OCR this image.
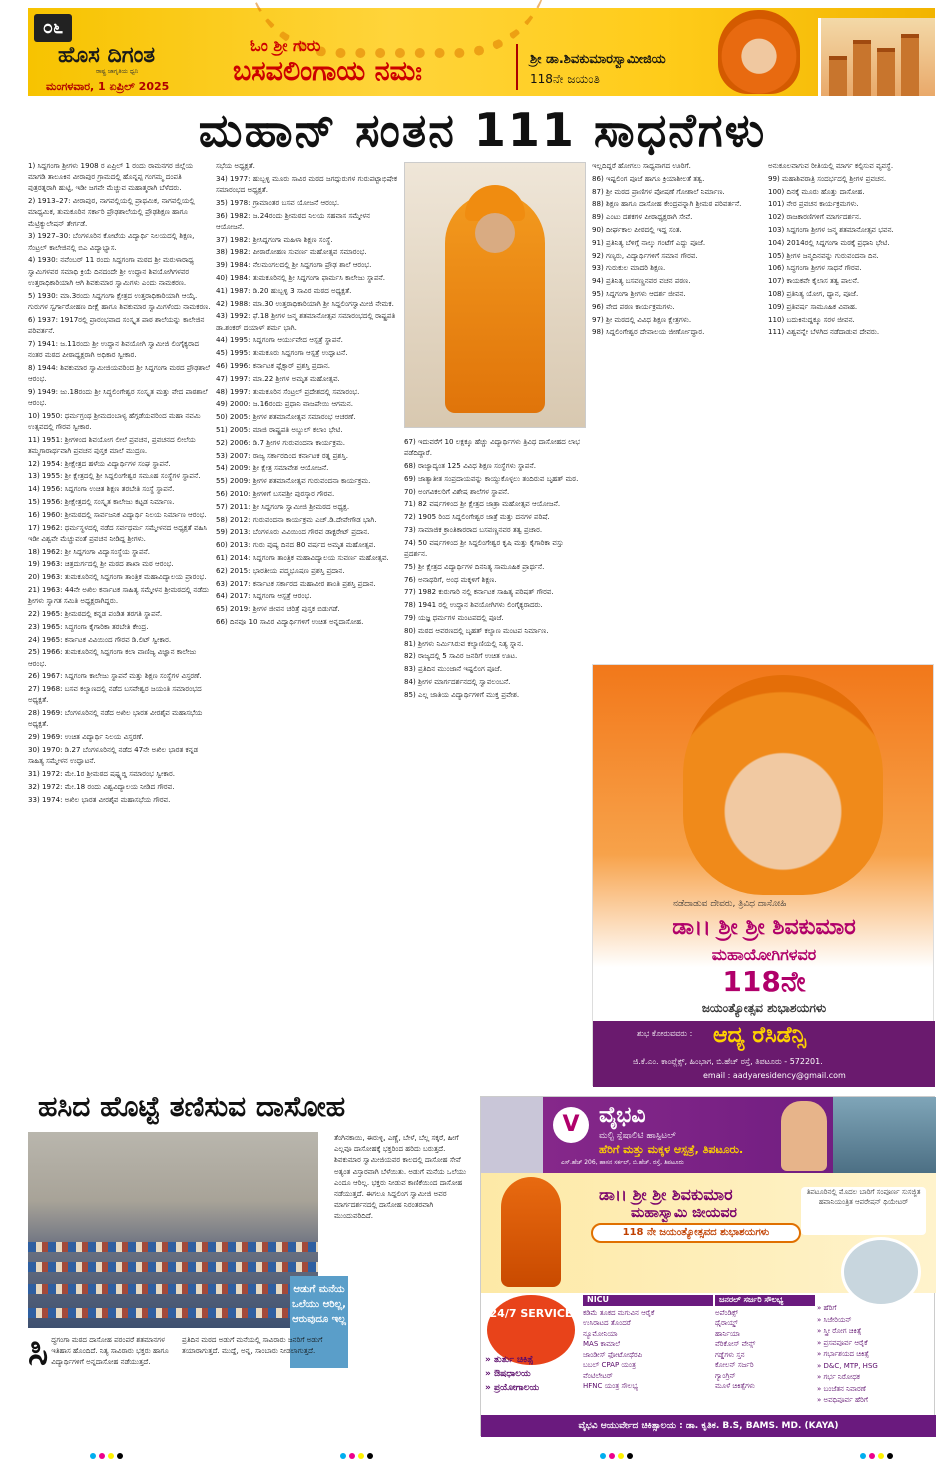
೦೬
ಹೊಸ ದಿಗಂತ
ರಾಷ್ಟ್ರ ಜಾಗೃತಿಯ ಧ್ವನಿ
ಮಂಗಳವಾರ, 1 ಏಪ್ರಿಲ್ 2025
ಓಂ ಶ್ರೀ ಗುರು
ಬಸವಲಿಂಗಾಯ ನಮಃ	ಶ್ರೀ ಡಾ.ಶಿವಕುಮಾರಸ್ವಾಮೀಜಿಯ
118ನೇ ಜಯಂತಿ
ಮಹಾನ್ ಸಂತನ 111 ಸಾಧನೆಗಳು

1) ಸಿದ್ದಗಂಗಾ ಶ್ರೀಗಳು 1908 ರ ಏಪ್ರಿಲ್ 1 ರಂದು ರಾಮನಗರ ಜಿಲ್ಲೆಯ ಮಾಗಡಿ ತಾಲೂಕಿನ ವೀರಾಪುರ ಗ್ರಾಮದಲ್ಲಿ ಹೊನ್ನಪ್ಪ ಗಂಗಮ್ಮ ದಂಪತಿ ಪುತ್ರರತ್ನರಾಗಿ ಹುಟ್ಟಿ, ಇಡೀ ಜಗವೇ ಮೆಚ್ಚುವ ಮಹಾತ್ಮರಾಗಿ ಬೆಳೆದರು.

2) 1913–27: ವೀರಾಪುರ, ನಾಗವಲ್ಲಿಯಲ್ಲಿ ಪ್ರಾಥಮಿಕ, ನಾಗವಲ್ಲಿಯಲ್ಲಿ ಮಾಧ್ಯಮಿಕ, ತುಮಕೂರಿನ ಸರ್ಕಾರಿ ಪ್ರೌಢಶಾಲೆಯಲ್ಲಿ ಪ್ರೌಢಶಿಕ್ಷಣ ಹಾಗೂ ಮೆಟ್ರಿಕ್ಯುಲೇಷನ್ ತೇರ್ಗಡೆ.

3) 1927–30: ಬೆಂಗಳೂರಿನ ಕೋಟೆಯ ವಿದ್ಯಾರ್ಥಿ ನಿಲಯದಲ್ಲಿ ಶಿಕ್ಷಣ, ಸೆಂಟ್ರಲ್ ಕಾಲೇಜಿನಲ್ಲಿ ಬಿಎ ವಿದ್ಯಾಭ್ಯಾಸ.

4) 1930: ನವೆಂಬರ್ 11 ರಂದು ಸಿದ್ದಗಂಗಾ ಮಠದ ಶ್ರೀ ಮರುಳಾರಾಧ್ಯ ಸ್ವಾಮಿಗಳವರ ಸಮಾಧಿ ಕ್ರಿಯೆ ದಿನದಂದೇ ಶ್ರೀ ಉದ್ದಾನ ಶಿವಯೋಗಿಗಳವರ ಉತ್ತರಾಧಿಕಾರಿಯಾಗಿ ಆಗಿ ಶಿವಕುಮಾರ ಸ್ವಾಮಿಗಳು ಎಂದು ನಾಮಕರಣ.

5) 1930: ಮಾ.3ರಂದು ಸಿದ್ದಗಂಗಾ ಕ್ಷೇತ್ರದ ಉತ್ತರಾಧಿಕಾರಿಯಾಗಿ ಆಯ್ಕೆ. ಗುರುಗಳ ಸ್ವರ್ಗಾರೋಹಣ ದೀಕ್ಷೆ ಹಾಗೂ ಶಿವಕುಮಾರ ಸ್ವಾಮಿಗಳೆಂದು ನಾಮಕರಣ.

6) 1937: 1917ರಲ್ಲಿ ಪ್ರಾರಂಭವಾದ ಸಂಸ್ಕೃತ ಪಾಠ ಶಾಲೆಯನ್ನು ಕಾಲೇಜಿನ ಪರಿವರ್ತನೆ.

7) 1941: ಜ.11ರಂದು ಶ್ರೀ ಉದ್ದಾನ ಶಿವಯೋಗಿ ಸ್ವಾಮೀಜಿ ಲಿಂಗೈಕ್ಯರಾದ ನಂತರ ಮಠದ ಪೀಠಾಧ್ಯಕ್ಷರಾಗಿ ಅಧಿಕಾರ ಸ್ವೀಕಾರ.

8) 1944: ಶಿವಕುಮಾರ ಸ್ವಾಮೀಜಿಯವರಿಂದ ಶ್ರೀ ಸಿದ್ದಗಂಗಾ ಮಠದ ಪ್ರೌಢಶಾಲೆ ಆರಂಭ.

9) 1949: ಜು.18ರಂದು ಶ್ರೀ ಸಿದ್ಧಲಿಂಗೇಶ್ವರ ಸಂಸ್ಕೃತ ಮತ್ತು ವೇದ ಪಾಠಶಾಲೆ ಆರಂಭ.

10) 1950: ಧರ್ಮಗ್ರಂಥ ಶ್ರೀಮದಂಬಾಳ್ಯ ಹೆಗ್ಗಡೆಯವರಿಂದ ಮಹಾ ನವಮಿ ಉತ್ಸವದಲ್ಲಿ ಗೌರವ ಸ್ವೀಕಾರ.

11) 1951: ಶ್ರೀಗಳಿಂದ ಶಿವಯೋಗ ಲೀಲೆ ಪ್ರವಚನ, ಪ್ರವಚನದ ಲೀಲೆಯ ತಮ್ಮಗಾರಾರ್ಥವಾಗಿ ಪ್ರವಚನ ಪುಸ್ತಕ ಮಾಲೆ ಮುದ್ರಣ.

12) 1954: ಶ್ರೀಕ್ಷೇತ್ರದ ಹಳೆಯ ವಿದ್ಯಾರ್ಥಿಗಳ ಸಂಘ ಸ್ಥಾಪನೆ.

13) 1955: ಶ್ರೀ ಕ್ಷೇತ್ರದಲ್ಲಿ ಶ್ರೀ ಸಿದ್ದಲಿಂಗೇಶ್ವರ ಸಮೂಹ ಸಂಸ್ಥೆಗಳ ಸ್ಥಾಪನೆ.

14) 1956: ಸಿದ್ದಗಂಗಾ ಉಚಿತ ಶಿಕ್ಷಣ ತರಬೇತಿ ಸಂಸ್ಥೆ ಸ್ಥಾಪನೆ.

15) 1956: ಶ್ರೀಕ್ಷೇತ್ರದಲ್ಲಿ ಸಂಸ್ಕೃತ ಕಾಲೇಜು ಕಟ್ಟಡ ನಿರ್ಮಾಣ.

16) 1960: ಶ್ರೀಮಠದಲ್ಲಿ ಸಾರ್ವಜನಿಕ ವಿದ್ಯಾರ್ಥಿ ನಿಲಯ ನಿರ್ಮಾಣ ಆರಂಭ.

17) 1962: ಧರ್ಮಸ್ಥಳದಲ್ಲಿ ನಡೆದ ಸರ್ವಧರ್ಮ ಸಮ್ಮೇಳನದ ಅಧ್ಯಕ್ಷತೆ ವಹಿಸಿ ಇಡೀ ವಿಶ್ವವೇ ಮೆಚ್ಚುವಂತೆ ಪ್ರವಚನ ನೀಡಿದ್ದ ಶ್ರೀಗಳು.

18) 1962: ಶ್ರೀ ಸಿದ್ದಗಂಗಾ ವಿದ್ಯಾಸಂಸ್ಥೆಯ ಸ್ಥಾಪನೆ.

19) 1963: ಚಿತ್ರದುರ್ಗದಲ್ಲಿ ಶ್ರೀ ಮಠದ ಶಾಖಾ ಮಠ ಆರಂಭ.

20) 1963: ತುಮಕೂರಿನಲ್ಲಿ ಸಿದ್ದಗಂಗಾ ತಾಂತ್ರಿಕ ಮಹಾವಿದ್ಯಾಲಯ ಪ್ರಾರಂಭ.

21) 1963: 44ನೇ ಅಖಿಲ ಕರ್ನಾಟಕ ಸಾಹಿತ್ಯ ಸಮ್ಮೇಳನ ಶ್ರೀಮಠದಲ್ಲಿ ನಡೆದು ಶ್ರೀಗಳು ಸ್ವಾಗತ ಸಮಿತಿ ಅಧ್ಯಕ್ಷರಾಗಿದ್ದರು.

22) 1965: ಶ್ರೀಮಠದಲ್ಲಿ ಕನ್ನಡ ಪಂಡಿತ ತರಗತಿ ಸ್ಥಾಪನೆ.

23) 1965: ಸಿದ್ಧಗಂಗಾ ಕೈಗಾರಿಕಾ ತರಬೇತಿ ಕೇಂದ್ರ.

24) 1965: ಕರ್ನಾಟಕ ವಿವಿಯಿಂದ ಗೌರವ ಡಿ.ಲಿಟ್ ಸ್ವೀಕಾರ.

25) 1966: ತುಮಕೂರಿನಲ್ಲಿ ಸಿದ್ದಗಂಗಾ ಕಲಾ ವಾಣಿಜ್ಯ ವಿಜ್ಞಾನ ಕಾಲೇಜು ಆರಂಭ.

26) 1967: ಸಿದ್ದಗಂಗಾ ಕಾಲೇಜು ಸ್ಥಾಪನೆ ಮತ್ತು ಶಿಕ್ಷಣ ಸಂಸ್ಥೆಗಳ ವಿಸ್ತರಣೆ.

27) 1968: ಬಸವ ಕಲ್ಯಾಣದಲ್ಲಿ ನಡೆದ ಬಸವೇಶ್ವರ ಜಯಂತಿ ಸಮಾರಂಭದ ಅಧ್ಯಕ್ಷತೆ.

28) 1969: ಬೆಂಗಳೂರಿನಲ್ಲಿ ನಡೆದ ಅಖಿಲ ಭಾರತ ವೀರಶೈವ ಮಹಾಸಭೆಯ ಅಧ್ಯಕ್ಷತೆ.

29) 1969: ಉಚಿತ ವಿದ್ಯಾರ್ಥಿ ನಿಲಯ ವಿಸ್ತರಣೆ.

30) 1970: ಡಿ.27 ಬೆಂಗಳೂರಿನಲ್ಲಿ ನಡೆದ 47ನೇ ಅಖಿಲ ಭಾರತ ಕನ್ನಡ ಸಾಹಿತ್ಯ ಸಮ್ಮೇಳನ ಉದ್ಘಾಟನೆ.

31) 1972: ಮೇ.1ರ ಶ್ರೀಮಠದ ಷಷ್ಟ್ಯಬ್ದಿ ಸಮಾರಂಭ ಸ್ವೀಕಾರ.

32) 1972: ಮೇ.18 ರಂದು ವಿಶ್ವವಿದ್ಯಾಲಯ ನೀಡಿದ ಗೌರವ.

33) 1974: ಅಖಿಲ ಭಾರತ ವೀರಶೈವ ಮಹಾಸಭೆಯ ಗೌರವ.

ಸಭೆಯ ಅಧ್ಯಕ್ಷತೆ.

34) 1977: ಹುಬ್ಬಳ್ಳಿ ಮೂರು ಸಾವಿರ ಮಠದ ಜಗದ್ಗುರುಗಳ ಗುರುಪಟ್ಟಾಭಿಷೇಕ ಸಮಾರಂಭದ ಅಧ್ಯಕ್ಷತೆ.

35) 1978: ಗ್ರಾಮಾಂತರ ಬಸವ ಯೋಜನೆ ಆರಂಭ.

36) 1982: ಜ.24ರಂದು ಶ್ರೀಮಠದ ನಿಲಯ ಸಹವಾಸ ಸಮ್ಮೇಳನ ಆಯೋಜನೆ.

37) 1982: ಶ್ರೀಸಿದ್ದಗಂಗಾ ಮಹಿಳಾ ಶಿಕ್ಷಣ ಸಂಸ್ಥೆ.

38) 1982: ಪೀಠಾರೋಹಣ ಸುವರ್ಣ ಮಹೋತ್ಸವ ಸಮಾರಂಭ.

39) 1984: ನೆಲಮಂಗಲದಲ್ಲಿ ಶ್ರೀ ಸಿದ್ದಗಂಗಾ ಪ್ರೌಢ ಶಾಲೆ ಆರಂಭ.

40) 1984: ತುಮಕೂರಿನಲ್ಲಿ ಶ್ರೀ ಸಿದ್ದಗಂಗಾ ಫಾರ್ಮಸಿ ಕಾಲೇಜು ಸ್ಥಾಪನೆ.

41) 1987: ಡಿ.20 ಹುಬ್ಬಳ್ಳಿ 3 ಸಾವಿರ ಮಠದ ಅಧ್ಯಕ್ಷತೆ.

42) 1988: ಮಾ.30 ಉತ್ತರಾಧಿಕಾರಿಯಾಗಿ ಶ್ರೀ ಸಿದ್ದಲಿಂಗಸ್ವಾಮೀಜಿ ನೇಮಕ.

43) 1992: ಫೆ.18 ಶ್ರೀಗಳ ಜನ್ಮ ಶತಮಾನೋತ್ಸವ ಸಮಾರಂಭದಲ್ಲಿ ರಾಷ್ಟ್ರಪತಿ ಡಾ.ಶಂಕರ್ ದಯಾಳ್ ಶರ್ಮ ಭಾಗಿ.

44) 1995: ಸಿದ್ದಗಂಗಾ ಆರ್ಯುವೇದ ಆಸ್ಪತ್ರೆ ಸ್ಥಾಪನೆ.

45) 1995: ತುಮಕೂರು ಸಿದ್ದಗಂಗಾ ಆಸ್ಪತ್ರೆ ಉದ್ಘಾಟನೆ.

46) 1996: ಕರ್ನಾಟಕ ಫ್ಲೆಕ್ಸಾರ್ ಪ್ರಶಸ್ತಿ ಪ್ರದಾನ.

47) 1997: ಮಾ.22 ಶ್ರೀಗಳ ಅಮೃತ ಮಹೋತ್ಸವ.

48) 1997: ತುಮಕೂರಿನ ಸೆಂಟ್ರಲ್ ಪ್ರದೇಶದಲ್ಲಿ ಸಮಾರಂಭ.

49) 2000: ಜ.16ರಂದು ಪ್ರಧಾನಿ ವಾಜಪೇಯಿ ಆಗಮನ.

50) 2005: ಶ್ರೀಗಳ ಶತಮಾನೋತ್ಸವ ಸಮಾರಂಭ ಆಚರಣೆ.

51) 2005: ಮಾಜಿ ರಾಷ್ಟ್ರಪತಿ ಅಬ್ದುಲ್ ಕಲಾಂ ಭೇಟಿ.

52) 2006: ಡಿ.7 ಶ್ರೀಗಳ ಗುರುವಂದನಾ ಕಾರ್ಯಕ್ರಮ.

53) 2007: ರಾಜ್ಯ ಸರ್ಕಾರದಿಂದ ಕರ್ನಾಟಕ ರತ್ನ ಪ್ರಶಸ್ತಿ.

54) 2009: ಶ್ರೀ ಕ್ಷೇತ್ರ ಸಮಾವೇಶ ಆಯೋಜನೆ.

55) 2009: ಶ್ರೀಗಳ ಶತಮಾನೋತ್ಸವ ಗುರುವಂದನಾ ಕಾರ್ಯಕ್ರಮ.

56) 2010: ಶ್ರೀಗಳಿಗೆ ಬಸವಶ್ರೀ ಪುರಸ್ಕಾರ ಗೌರವ.

57) 2011: ಶ್ರೀ ಸಿದ್ದಗಂಗಾ ಸ್ವಾಮೀಜಿ ಶ್ರೀಮಠದ ಅಧ್ಯಕ್ಷ.

58) 2012: ಗುರುವಂದನಾ ಕಾರ್ಯಕ್ರಮ ಎಚ್.ಡಿ.ದೇವೇಗೌಡ ಭಾಗಿ.

59) 2013: ಬೆಂಗಳೂರು ವಿವಿಯಿಂದ ಗೌರವ ಡಾಕ್ಟರೇಟ್ ಪ್ರದಾನ.

60) 2013: ಗುರು ಪುಷ್ಯ ದಿನದ 80 ವರ್ಷದ ಅಮೃತ ಮಹೋತ್ಸವ.

61) 2014: ಸಿದ್ದಗಂಗಾ ತಾಂತ್ರಿಕ ಮಹಾವಿದ್ಯಾಲಯ ಸುವರ್ಣ ಮಹೋತ್ಸವ.

62) 2015: ಭಾರತೀಯ ಪದ್ಮಭೂಷಣ ಪ್ರಶಸ್ತಿ ಪ್ರದಾನ.

63) 2017: ಕರ್ನಾಟಕ ಸರ್ಕಾರದ ಮಹಾವೀರ ಶಾಂತಿ ಪ್ರಶಸ್ತಿ ಪ್ರದಾನ.

64) 2017: ಸಿದ್ದಗಂಗಾ ಆಸ್ಪತ್ರೆ ಆರಂಭ.

65) 2019: ಶ್ರೀಗಳ ಜೀವನ ಚರಿತ್ರೆ ಪುಸ್ತಕ ಬಿಡುಗಡೆ.

66) ದಿನವೂ 10 ಸಾವಿರ ವಿದ್ಯಾರ್ಥಿಗಳಿಗೆ ಉಚಿತ ಅನ್ನದಾಸೋಹ.

67) ಇದುವರೆಗೆ 10 ಲಕ್ಷಕ್ಕೂ ಹೆಚ್ಚು ವಿದ್ಯಾರ್ಥಿಗಳು ತ್ರಿವಿಧ ದಾಸೋಹದ ಲಾಭ ಪಡೆದಿದ್ದಾರೆ.

68) ರಾಜ್ಯಾದ್ಯಂತ 125 ವಿವಿಧ ಶಿಕ್ಷಣ ಸಂಸ್ಥೆಗಳು ಸ್ಥಾಪನೆ.

69) ಜಾತ್ಯಾತೀತ ಸಂಪ್ರದಾಯವನ್ನು ಕಾಯ್ದುಕೊಳ್ಳಲು ತಂದಿರುವ ಬೃಹತ್ ಮಠ.

70) ಅಂಗವಿಕಲರಿಗೆ ವಿಶೇಷ ಶಾಲೆಗಳ ಸ್ಥಾಪನೆ.

71) 82 ವರ್ಷಗಳಿಂದ ಶ್ರೀ ಕ್ಷೇತ್ರದ ಜಾತ್ರಾ ಮಹೋತ್ಸವ ಆಯೋಜನೆ.

72) 1905 ರಿಂದ ಸಿದ್ದಲಿಂಗೇಶ್ವರ ಜಾತ್ರೆ ಮತ್ತು ದನಗಳ ಪರಿಷೆ.

73) ಸಾಮಾಜಿಕ ಕ್ರಾಂತಿಕಾರರಾದ ಬಸವಣ್ಣನವರ ತತ್ವ ಪ್ರಚಾರ.

74) 50 ವರ್ಷಗಳಿಂದ ಶ್ರೀ ಸಿದ್ದಲಿಂಗೇಶ್ವರ ಕೃಷಿ ಮತ್ತು ಕೈಗಾರಿಕಾ ವಸ್ತು ಪ್ರದರ್ಶನ.

75) ಶ್ರೀ ಕ್ಷೇತ್ರದ ವಿದ್ಯಾರ್ಥಿಗಳ ದಿನನಿತ್ಯ ಸಾಮೂಹಿಕ ಪ್ರಾರ್ಥನೆ.

76) ಅನಾಥರಿಗೆ, ಅಂಧ ಮಕ್ಕಳಿಗೆ ಶಿಕ್ಷಣ.

77) 1982 ಕುರುಗಾರಿ ನಲ್ಲಿ ಕರ್ನಾಟಕ ಸಾಹಿತ್ಯ ಪರಿಷತ್ ಗೌರವ.

78) 1941 ರಲ್ಲಿ ಉದ್ದಾನ ಶಿವಯೋಗಿಗಳು ಲಿಂಗೈಕ್ಯರಾದರು.

79) ಯಜ್ಞ ಧರ್ಮಗಳ ಮಂಟಪದಲ್ಲಿ ಪೂಜೆ.

80) ಮಠದ ಆವರಣದಲ್ಲಿ ಬೃಹತ್ ಕಲ್ಯಾಣ ಮಂಟಪ ನಿರ್ಮಾಣ.

81) ಶ್ರೀಗಳು ನಿರ್ಮಿಸಿರುವ ಕಲ್ಯಾಣಿಯಲ್ಲಿ ನಿತ್ಯ ಸ್ನಾನ.

82) ರಾಜ್ಯದಲ್ಲಿ 5 ಸಾವಿರ ಜನರಿಗೆ ಉಚಿತ ಊಟ.

83) ಪ್ರತಿದಿನ ಮುಂಜಾನೆ ಇಷ್ಟಲಿಂಗ ಪೂಜೆ.

84) ಶ್ರೀಗಳ ಮಾರ್ಗದರ್ಶನದಲ್ಲಿ ಸ್ವಾವಲಂಬನೆ.

85) ಎಲ್ಲ ಜಾತಿಯ ವಿದ್ಯಾರ್ಥಿಗಳಿಗೆ ಮುಕ್ತ ಪ್ರವೇಶ.

ಇಲ್ಲದಿದ್ದರೆ ಹೋಗಲು ಸಾಧ್ಯವಾಗದ ಊರಿಗೆ.

86) ಇಷ್ಟಲಿಂಗ ಪೂಜೆ ಹಾಗೂ ಕ್ರಿಯಾಶೀಲತೆ ತತ್ವ.

87) ಶ್ರೀ ಮಠದ ಪ್ರಾಣಿಗಳ ಪೋಷಣೆ ಗೋಶಾಲೆ ನಿರ್ಮಾಣ.

88) ಶಿಕ್ಷಣ ಹಾಗೂ ದಾಸೋಹ ಕೇಂದ್ರವನ್ನಾಗಿ ಶ್ರೀಮಠ ಪರಿವರ್ತನೆ.

89) ಎಂಟು ದಶಕಗಳ ಪೀಠಾಧ್ಯಕ್ಷರಾಗಿ ಸೇವೆ.

90) ದೀರ್ಘಕಾಲ ಪೀಠದಲ್ಲಿ ಇದ್ದ ಸಂತ.

91) ಪ್ರತಿನಿತ್ಯ ಬೆಳಿಗ್ಗೆ ನಾಲ್ಕು ಗಂಟೆಗೆ ಎದ್ದು ಪೂಜೆ.

92) ಗಣ್ಯರು, ವಿದ್ಯಾರ್ಥಿಗಳಿಗೆ ಸಮಾನ ಗೌರವ.

93) ಗುರುಕುಲ ಮಾದರಿ ಶಿಕ್ಷಣ.

94) ಪ್ರತಿನಿತ್ಯ ಬಸವಣ್ಣನವರ ವಚನ ಪಠಣ.

95) ಸಿದ್ದಗಂಗಾ ಶ್ರೀಗಳು ಆದರ್ಶ ಜೀವನ.

96) ವೇದ ಪಠಣ ಕಾರ್ಯಕ್ರಮಗಳು.

97) ಶ್ರೀ ಮಠದಲ್ಲಿ ವಿವಿಧ ಶಿಕ್ಷಣ ಕ್ಷೇತ್ರಗಳು.

98) ಸಿದ್ದಲಿಂಗೇಶ್ವರ ದೇವಾಲಯ ಜೀರ್ಣೋದ್ಧಾರ.

ಅನುಕೂಲವಾಗುವ ರೀತಿಯಲ್ಲಿ ಮಾರ್ಗ ಕಲ್ಪಿಸುವ ವ್ಯವಸ್ಥೆ.

99) ಮಹಾಶಿವರಾತ್ರಿ ಸಂದರ್ಭದಲ್ಲಿ ಶ್ರೀಗಳ ಪ್ರವಚನ.

100) ದಿನಕ್ಕೆ ಮೂರು ಹೊತ್ತು ದಾಸೋಹ.

101) ನೇರ ಪ್ರವಚನ ಕಾರ್ಯಕ್ರಮಗಳು.

102) ರಾಜಕಾರಣಿಗಳಿಗೆ ಮಾರ್ಗದರ್ಶನ.

103) ಸಿದ್ದಗಂಗಾ ಶ್ರೀಗಳ ಜನ್ಮ ಶತಮಾನೋತ್ಸವ ಭವನ.

104) 2014ರಲ್ಲಿ ಸಿದ್ದಗಂಗಾ ಮಠಕ್ಕೆ ಪ್ರಧಾನಿ ಭೇಟಿ.

105) ಶ್ರೀಗಳ ಜನ್ಮದಿನವನ್ನು ಗುರುವಂದನಾ ದಿನ.

106) ಸಿದ್ಧಗಂಗಾ ಶ್ರೀಗಳ ಸಾಧನೆ ಗೌರವ.

107) ಕಾಯಕವೇ ಕೈಲಾಸ ತತ್ವ ಪಾಲನೆ.

108) ಪ್ರತಿನಿತ್ಯ ಯೋಗ, ಧ್ಯಾನ, ಪೂಜೆ.

109) ಪ್ರತಿವರ್ಷ ಸಾಮೂಹಿಕ ವಿವಾಹ.

110) ಬದುಕಿನುದ್ದಕ್ಕೂ ಸರಳ ಜೀವನ.

111) ವಿಶ್ವವನ್ನೇ ಬೆಳಗಿದ ನಡೆದಾಡುವ ದೇವರು.

ನಡೆದಾಡುವ ದೇವರು, ತ್ರಿವಿಧ ದಾಸೋಹಿ
ಡಾ।। ಶ್ರೀ ಶ್ರೀ ಶಿವಕುಮಾರ
ಮಹಾಯೋಗಿಗಳವರ
118ನೇ
ಜಯಂತ್ಯೋತ್ಸವ ಶುಭಾಶಯಗಳು
ಶುಭ ಕೋರುವವರು : ಆದ್ಯ ರೆಸಿಡೆನ್ಸಿ
ಜಿ.ಕೆ.ಎಂ. ಕಾಂಪ್ಲೆಕ್ಸ್, ಹಿಂಭಾಗ, ಬಿ.ಹೆಚ್ ರಸ್ತೆ, ತಿಪಟೂರು - 572201.
email : aadyaresidency@gmail.com
ಹಸಿದ ಹೊಟ್ಟೆ ತಣಿಸುವ ದಾಸೋಹ
ಆಡುಗೆ ಮನೆಯ ಒಲೆಯು ಆರಿಲ್ಲ, ಆರುವುದೂ ಇಲ್ಲ
ಸಿ ದ್ಧಗಂಗಾ ಮಠದ ದಾಸೋಹ ಪರಂಪರೆ ಶತಮಾನಗಳ ಇತಿಹಾಸ ಹೊಂದಿದೆ. ನಿತ್ಯ ಸಾವಿರಾರು ಭಕ್ತರು ಹಾಗೂ ವಿದ್ಯಾರ್ಥಿಗಳಿಗೆ ಅನ್ನದಾಸೋಹ ನಡೆಯುತ್ತದೆ.
ಪ್ರತಿದಿನ ಮಠದ ಅಡುಗೆ ಮನೆಯಲ್ಲಿ ಸಾವಿರಾರು ಜನರಿಗೆ ಅಡುಗೆ ತಯಾರಾಗುತ್ತದೆ. ಮುದ್ದೆ, ಅನ್ನ, ಸಾಂಬಾರು ನೀಡಲಾಗುತ್ತದೆ.
ತೆಂಗಿನಕಾಯಿ, ಈರುಳ್ಳಿ, ಎಣ್ಣೆ, ಬೇಳೆ, ಬೆಲ್ಲ ಸಕ್ಕರೆ, ಹೀಗೆ ಎಲ್ಲವೂ ದಾಸೋಹಕ್ಕೆ ಭಕ್ತರಿಂದ ಹರಿದು ಬರುತ್ತದೆ. ಶಿವಕುಮಾರ ಸ್ವಾಮೀಜಿಯವರ ಕಾಲದಲ್ಲಿ ದಾಸೋಹ ಸೇವೆ ಅತ್ಯಂತ ವಿಸ್ತಾರವಾಗಿ ಬೆಳೆಯಿತು. ಅಡುಗೆ ಮನೆಯ ಒಲೆಯು ಎಂದೂ ಆರಿಲ್ಲ. ಭಕ್ತರು ನೀಡುವ ಕಾಣಿಕೆಯಿಂದ ದಾಸೋಹ ನಡೆಯುತ್ತದೆ. ಈಗಲೂ ಸಿದ್ದಲಿಂಗ ಸ್ವಾಮೀಜಿ ಅವರ ಮಾರ್ಗದರ್ಶನದಲ್ಲಿ ದಾಸೋಹ ನಿರಂತರವಾಗಿ ಮುಂದುವರಿದಿದೆ.
V ವೈಭವಿ
ಮಲ್ಟಿ ಸ್ಪೆಷಾಲಿಟಿ ಹಾಸ್ಪಿಟಲ್
ಹೆರಿಗೆ ಮತ್ತು ಮಕ್ಕಳ ಆಸ್ಪತ್ರೆ, ತಿಪಟೂರು.
ಎಸ್.ಹೆಚ್ 206, ಹಾಸನ ಸರ್ಕಲ್, ಬಿ.ಹೆಚ್. ರಸ್ತೆ, ತಿಪಟೂರು
ಡಾ।। ಶ್ರೀ ಶ್ರೀ ಶಿವಕುಮಾರ
ಮಹಾಸ್ವಾಮಿ ಜೀಯವರ
118 ನೇ ಜಯಂತ್ಯೋತ್ಸವದ ಶುಭಾಶಯಗಳು
ತಿಪಟೂರಿನಲ್ಲಿ ಮೊದಲ ಬಾರಿಗೆ ಸಂಪೂರ್ಣ ಸುಸಜ್ಜಿತ ಹವಾನಿಯಂತ್ರಿತ ಆಪರೇಷನ್ ಥಿಯೇಟರ್
24/7 SERVICE
» ತುರ್ತು ಚಿಕಿತ್ಸೆ
» ಔಷಧಾಲಯ
» ಪ್ರಯೋಗಾಲಯ
NICU
ಕಡಿಮೆ ತೂಕದ ಮಗುವಿನ ಆರೈಕೆ
ಉಸಿರಾಟದ ತೊಂದರೆ
ನ್ಯೂಮೋನಿಯಾ
MAS ಕಾಮಾಲೆ
ಜಾಂಡೀಸ್ ಫೋಟೋಥೆರಪಿ
ಬಬಲ್ CPAP ಯಂತ್ರ
ವೆಂಟಿಲೇಟರ್
HFNC ಯಂತ್ರ ಸೌಲಭ್ಯ
ಜನರಲ್ ಸರ್ಜರಿ ಸೌಲಭ್ಯ
ಅಪೆಂಡಿಕ್ಸ್
ಥೈರಾಯ್ಡ್
ಹಾರ್ನಿಯಾ
ವೆರಿಕೋಸ್ ವೇನ್ಸ್
ಗಡ್ಡೆಗಳು ಸ್ತನ
ಕೋಲನ್ ಸರ್ಜರಿ
ಗ್ಯಾಂಗ್ರಿನ್
ಮೂಳೆ ಚಿಕಿತ್ಸೆಗಳು
» ಹೆರಿಗೆ
» ಸಿಜೇರಿಯನ್
» ಸ್ತ್ರೀ ರೋಗ ಚಿಕಿತ್ಸೆ
» ಪ್ರಸವಪೂರ್ವ ಆರೈಕೆ
» ಗರ್ಭಾಶಯದ ಚಿಕಿತ್ಸೆ
» D&C, MTP, HSG
» ಗರ್ಭ ನಿರೋಧಕ
» ಬಂಜೆತನ ನಿವಾರಣೆ
» ಅವಧಿಪೂರ್ವ ಹೆರಿಗೆ
ವೈಭವಿ ಆಯುರ್ವೇದ ಚಿಕಿತ್ಸಾಲಯ : ಡಾ. ಕೃತಿಕ. B.S, BAMS. MD. (KAYA)
